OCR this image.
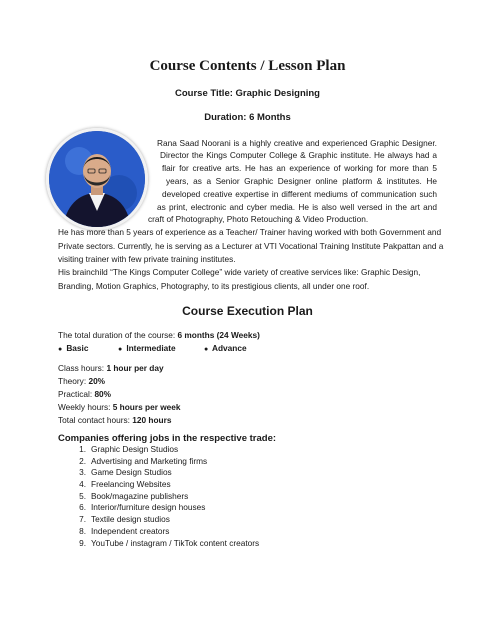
Course Contents / Lesson Plan
Course Title: Graphic Designing
Duration: 6 Months
Rana Saad Noorani is a highly creative and experienced Graphic Designer.
Director the Kings Computer College & Graphic institute. He always had a
flair for creative arts. He has an experience of working for more than 5
years, as a Senior Graphic Designer online platform & institutes. He
developed creative expertise in different mediums of communication such
as print, electronic and cyber media. He is also well versed in the art and
craft of Photography, Photo Retouching & Video Production.
He has more than 5 years of experience as a Teacher/ Trainer having worked with both Government and
Private sectors. Currently, he is serving as a Lecturer at VTI Vocational Training Institute Pakpattan and a
visiting trainer with few private training institutes.
His brainchild “The Kings Computer College” wide variety of creative services like: Graphic Design,
Branding, Motion Graphics, Photography, to its prestigious clients, all under one roof.
Course Execution Plan
The total duration of the course: 6 months (24 Weeks)
● Basic	● Intermediate	● Advance
Class hours: 1 hour per day
Theory: 20%
Practical: 80%
Weekly hours: 5 hours per week
Total contact hours: 120 hours
Companies offering jobs in the respective trade:
1. Graphic Design Studios
2. Advertising and Marketing firms
3. Game Design Studios
4. Freelancing Websites
5. Book/magazine publishers
6. Interior/furniture design houses
7. Textile design studios
8. Independent creators
9. YouTube / instagram / TikTok content creators
